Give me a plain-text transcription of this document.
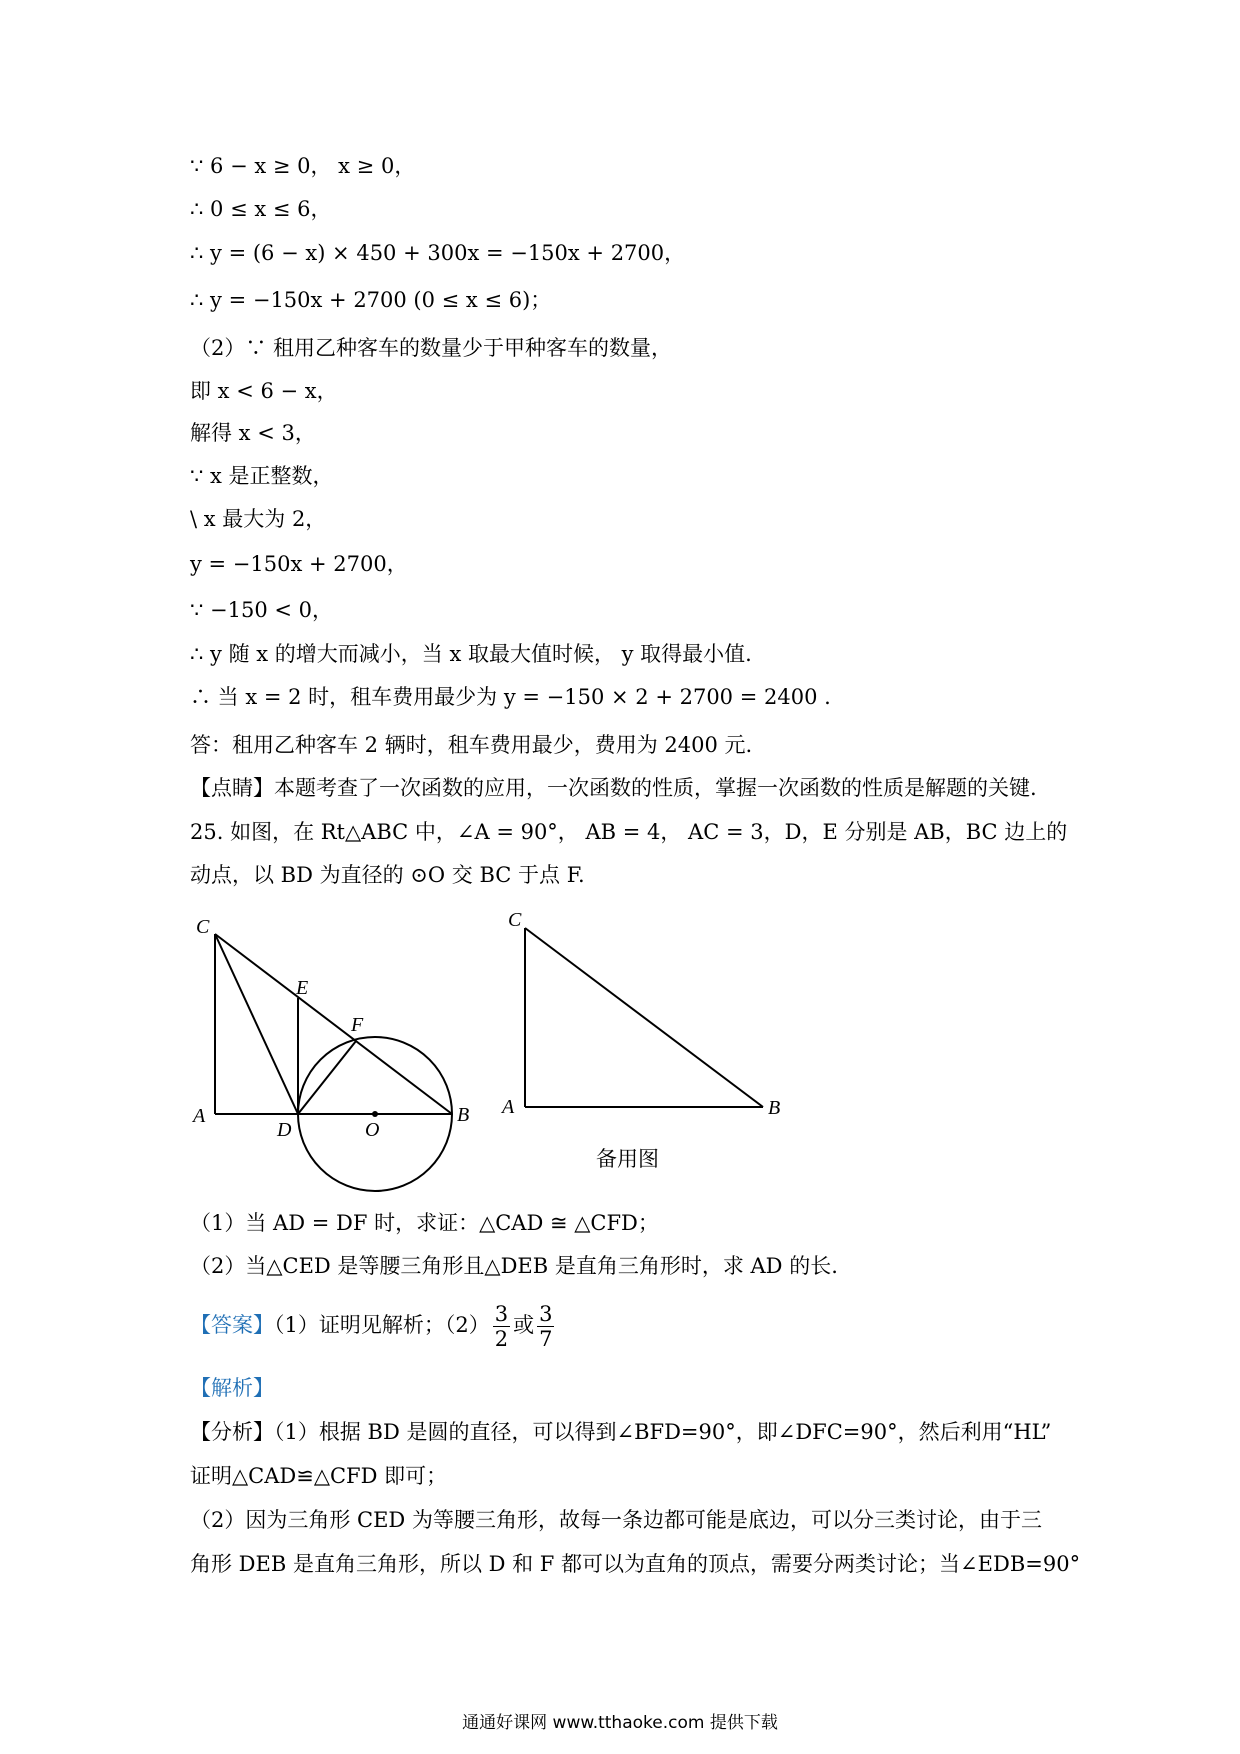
∵ 6 − x ≥ 0， x ≥ 0，
∴ 0 ≤ x ≤ 6，
∴ y = (6 − x) × 450 + 300x = −150x + 2700，
∴ y = −150x + 2700 (0 ≤ x ≤ 6)；
（2）∵ 租用乙种客车的数量少于甲种客车的数量，
即 x < 6 − x，
解得 x < 3，
∵ x 是正整数，
\ x 最大为 2，
y = −150x + 2700，
∵ −150 < 0，
∴ y 随 x 的增大而减小，当 x 取最大值时候， y 取得最小值.
∴ 当 x = 2 时，租车费用最少为 y = −150 × 2 + 2700 = 2400 .
答：租用乙种客车 2 辆时，租车费用最少，费用为 2400 元.
【点睛】本题考查了一次函数的应用，一次函数的性质，掌握一次函数的性质是解题的关键.
25. 如图，在 Rt△ABC 中，∠A = 90°， AB = 4， AC = 3，D，E 分别是 AB，BC 边上的
动点，以 BD 为直径的 ⊙O 交 BC 于点 F.
C
E
F
A
D	O
B
C
A	B
备用图
（1）当 AD = DF 时，求证：△CAD ≅ △CFD；
（2）当△CED 是等腰三角形且△DEB 是直角三角形时，求 AD 的长.
【答案】（1）证明见解析；$(2) \frac{3}{2}$ 或 $\frac{3}{7}$
【解析】
【分析】（1）根据 BD 是圆的直径，可以得到∠BFD=90°，即∠DFC=90°，然后利用“HL”
证明△CAD≌△CFD 即可；
（2）因为三角形 CED 为等腰三角形，故每一条边都可能是底边，可以分三类讨论，由于三
角形 DEB 是直角三角形，所以 D 和 F 都可以为直角的顶点，需要分两类讨论；当∠EDB=90°
通通好课网 www.tthaoke.com 提供下载
